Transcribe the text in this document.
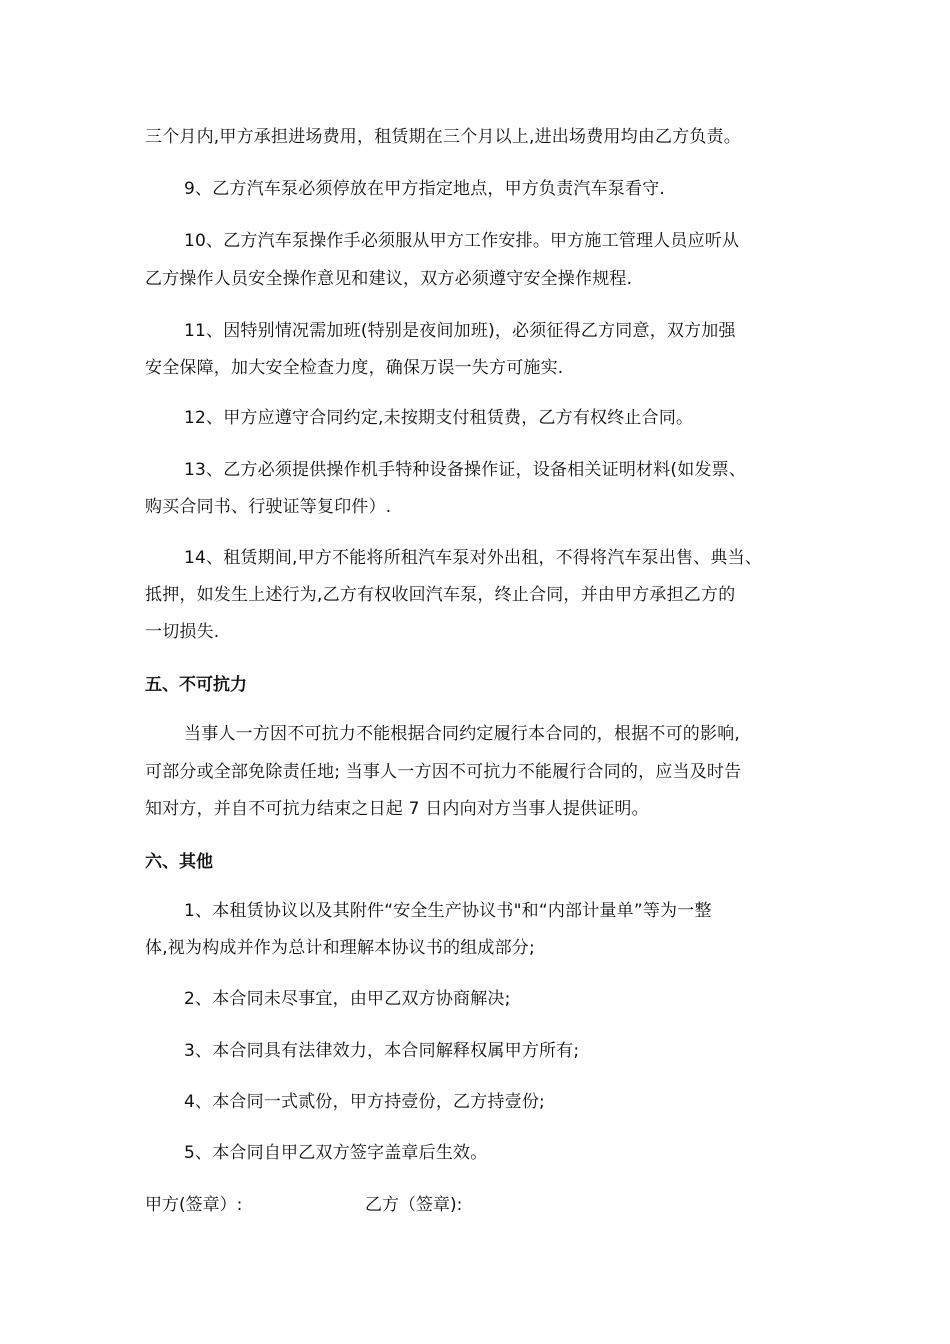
三个月内,甲方承担进场费用，租赁期在三个月以上,进出场费用均由乙方负责。
9、乙方汽车泵必须停放在甲方指定地点，甲方负责汽车泵看守.
10、乙方汽车泵操作手必须服从甲方工作安排。甲方施工管理人员应听从
乙方操作人员安全操作意见和建议，双方必须遵守安全操作规程.
11、因特别情况需加班(特别是夜间加班)，必须征得乙方同意，双方加强
安全保障，加大安全检查力度，确保万误一失方可施实.
12、甲方应遵守合同约定,未按期支付租赁费，乙方有权终止合同。
13、乙方必须提供操作机手特种设备操作证，设备相关证明材料(如发票、
购买合同书、行驶证等复印件）.
14、租赁期间,甲方不能将所租汽车泵对外出租，不得将汽车泵出售、典当、
抵押，如发生上述行为,乙方有权收回汽车泵，终止合同，并由甲方承担乙方的
一切损失.
五、不可抗力
当事人一方因不可抗力不能根据合同约定履行本合同的，根据不可的影响,
可部分或全部免除责任地; 当事人一方因不可抗力不能履行合同的，应当及时告
知对方，并自不可抗力结束之日起 7 日内向对方当事人提供证明。
六、其他
1、本租赁协议以及其附件“安全生产协议书"和“内部计量单”等为一整
体,视为构成并作为总计和理解本协议书的组成部分;
2、本合同未尽事宜，由甲乙双方协商解决;
3、本合同具有法律效力，本合同解释权属甲方所有;
4、本合同一式贰份，甲方持壹份，乙方持壹份;
5、本合同自甲乙双方签字盖章后生效。
甲方(签章）:	乙方（签章):
